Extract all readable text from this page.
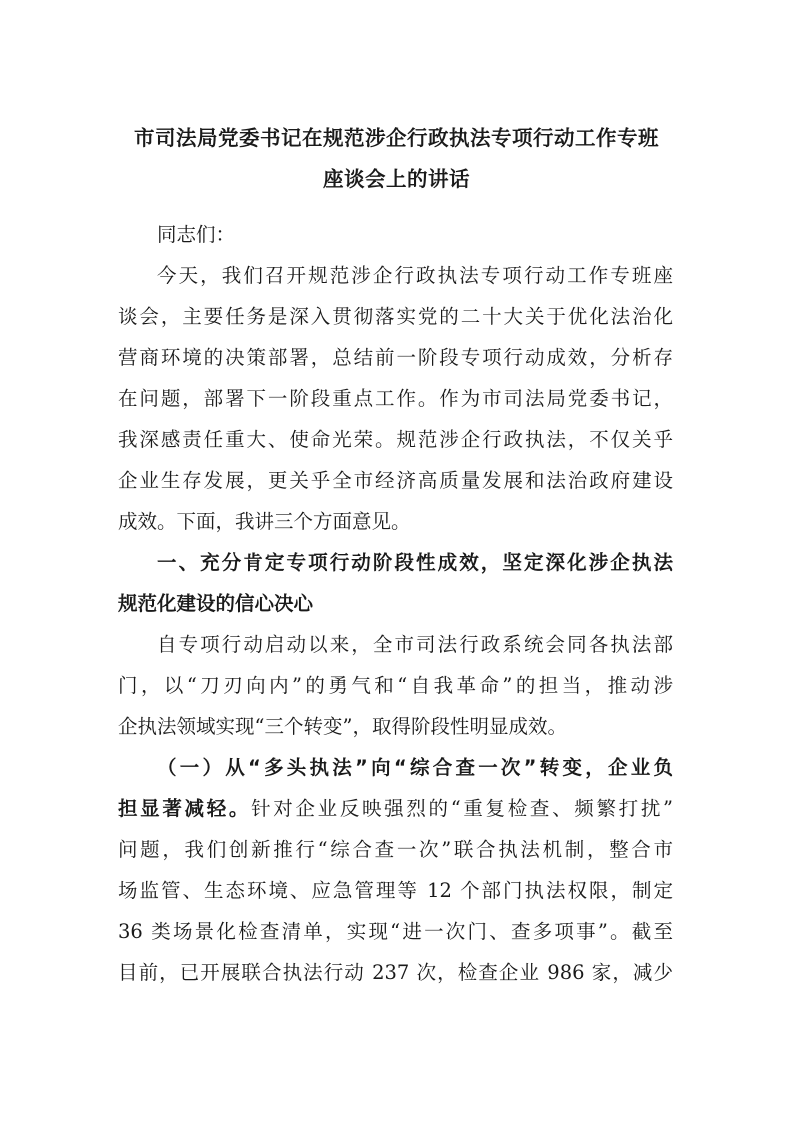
市司法局党委书记在规范涉企行政执法专项行动工作专班
座谈会上的讲话
同志们：
今天，我们召开规范涉企行政执法专项行动工作专班座
谈会，主要任务是深入贯彻落实党的二十大关于优化法治化
营商环境的决策部署，总结前一阶段专项行动成效，分析存
在问题，部署下一阶段重点工作。作为市司法局党委书记，
我深感责任重大、使命光荣。规范涉企行政执法，不仅关乎
企业生存发展，更关乎全市经济高质量发展和法治政府建设
成效。下面，我讲三个方面意见。
一、充分肯定专项行动阶段性成效，坚定深化涉企执法
规范化建设的信心决心
自专项行动启动以来，全市司法行政系统会同各执法部
门，以“刀刃向内”的勇气和“自我革命”的担当，推动涉
企执法领域实现“三个转变”，取得阶段性明显成效。
（一）从“多头执法”向“综合查一次”转变，企业负
担显著减轻。针对企业反映强烈的“重复检查、频繁打扰”
问题，我们创新推行“综合查一次”联合执法机制，整合市
场监管、生态环境、应急管理等 12 个部门执法权限，制定
36 类场景化检查清单，实现“进一次门、查多项事”。截至
目前，已开展联合执法行动 237 次，检查企业 986 家，减少
